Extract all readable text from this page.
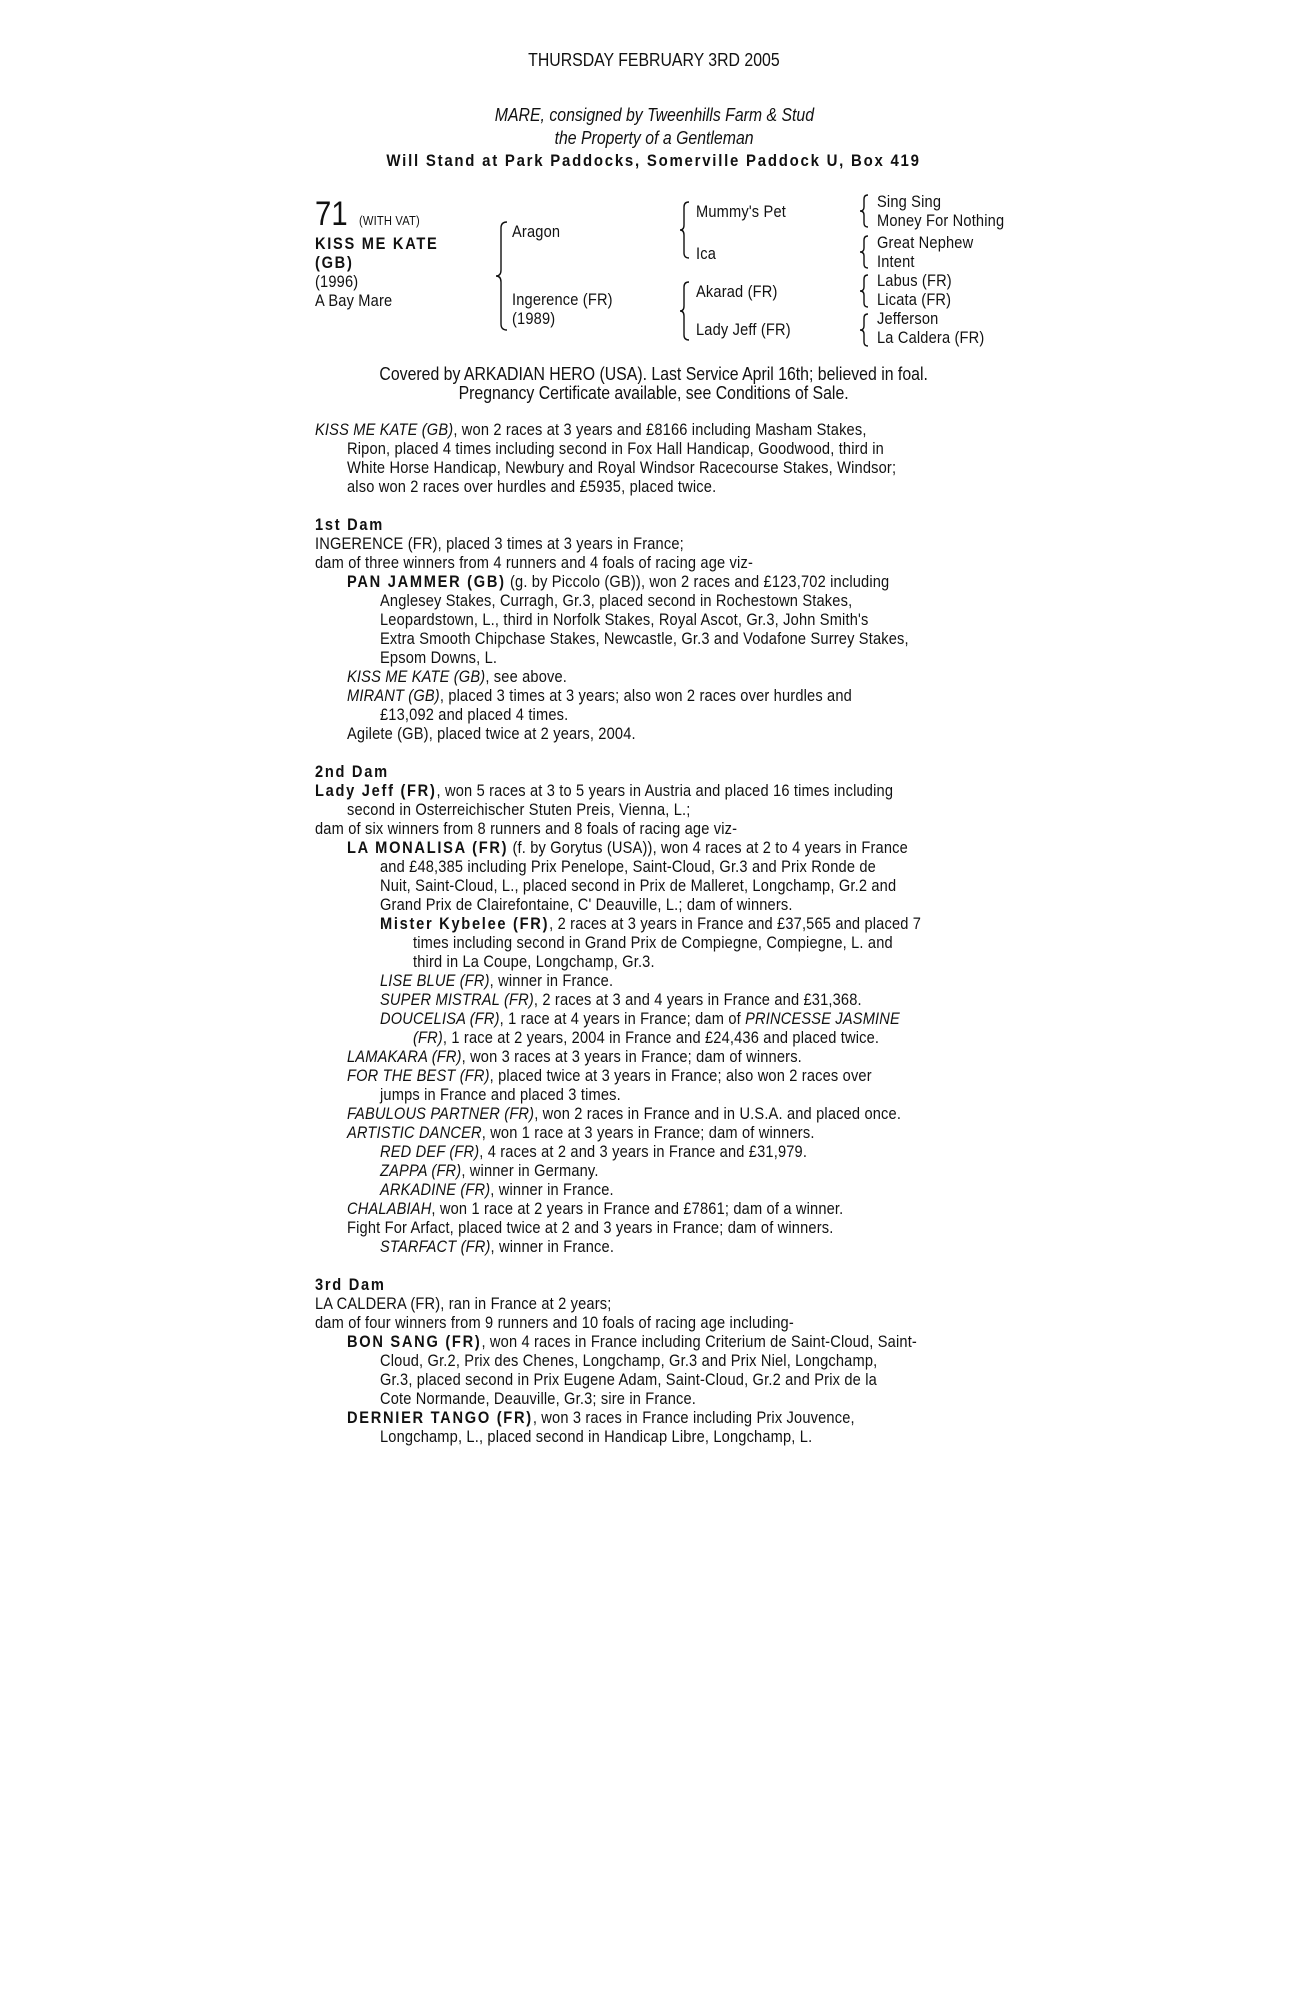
THURSDAY FEBRUARY 3RD 2005
MARE, consigned by Tweenhills Farm & Stud
the Property of a Gentleman
Will Stand at Park Paddocks, Somerville Paddock U, Box 419
71 (WITH VAT)
KISS ME KATE
(GB)
(1996)
A Bay Mare
Aragon
Ingerence (FR)
(1989)
Mummy's Pet
Ica
Akarad (FR)
Lady Jeff (FR)
Sing Sing
Money For Nothing
Great Nephew
Intent
Labus (FR)
Licata (FR)
Jefferson
La Caldera (FR)
Covered by ARKADIAN HERO (USA). Last Service April 16th; believed in foal.
Pregnancy Certificate available, see Conditions of Sale.
KISS ME KATE (GB), won 2 races at 3 years and £8166 including Masham Stakes,
Ripon, placed 4 times including second in Fox Hall Handicap, Goodwood, third in
White Horse Handicap, Newbury and Royal Windsor Racecourse Stakes, Windsor;
also won 2 races over hurdles and £5935, placed twice.
1st Dam
INGERENCE (FR), placed 3 times at 3 years in France;
dam of three winners from 4 runners and 4 foals of racing age viz-
PAN JAMMER (GB) (g. by Piccolo (GB)), won 2 races and £123,702 including
Anglesey Stakes, Curragh, Gr.3, placed second in Rochestown Stakes,
Leopardstown, L., third in Norfolk Stakes, Royal Ascot, Gr.3, John Smith's
Extra Smooth Chipchase Stakes, Newcastle, Gr.3 and Vodafone Surrey Stakes,
Epsom Downs, L.
KISS ME KATE (GB), see above.
MIRANT (GB), placed 3 times at 3 years; also won 2 races over hurdles and
£13,092 and placed 4 times.
Agilete (GB), placed twice at 2 years, 2004.
2nd Dam
Lady Jeff (FR), won 5 races at 3 to 5 years in Austria and placed 16 times including
second in Osterreichischer Stuten Preis, Vienna, L.;
dam of six winners from 8 runners and 8 foals of racing age viz-
LA MONALISA (FR) (f. by Gorytus (USA)), won 4 races at 2 to 4 years in France
and £48,385 including Prix Penelope, Saint-Cloud, Gr.3 and Prix Ronde de
Nuit, Saint-Cloud, L., placed second in Prix de Malleret, Longchamp, Gr.2 and
Grand Prix de Clairefontaine, C' Deauville, L.; dam of winners.
Mister Kybelee (FR), 2 races at 3 years in France and £37,565 and placed 7
times including second in Grand Prix de Compiegne, Compiegne, L. and
third in La Coupe, Longchamp, Gr.3.
LISE BLUE (FR), winner in France.
SUPER MISTRAL (FR), 2 races at 3 and 4 years in France and £31,368.
DOUCELISA (FR), 1 race at 4 years in France; dam of PRINCESSE JASMINE
(FR), 1 race at 2 years, 2004 in France and £24,436 and placed twice.
LAMAKARA (FR), won 3 races at 3 years in France; dam of winners.
FOR THE BEST (FR), placed twice at 3 years in France; also won 2 races over
jumps in France and placed 3 times.
FABULOUS PARTNER (FR), won 2 races in France and in U.S.A. and placed once.
ARTISTIC DANCER, won 1 race at 3 years in France; dam of winners.
RED DEF (FR), 4 races at 2 and 3 years in France and £31,979.
ZAPPA (FR), winner in Germany.
ARKADINE (FR), winner in France.
CHALABIAH, won 1 race at 2 years in France and £7861; dam of a winner.
Fight For Arfact, placed twice at 2 and 3 years in France; dam of winners.
STARFACT (FR), winner in France.
3rd Dam
LA CALDERA (FR), ran in France at 2 years;
dam of four winners from 9 runners and 10 foals of racing age including-
BON SANG (FR), won 4 races in France including Criterium de Saint-Cloud, Saint-
Cloud, Gr.2, Prix des Chenes, Longchamp, Gr.3 and Prix Niel, Longchamp,
Gr.3, placed second in Prix Eugene Adam, Saint-Cloud, Gr.2 and Prix de la
Cote Normande, Deauville, Gr.3; sire in France.
DERNIER TANGO (FR), won 3 races in France including Prix Jouvence,
Longchamp, L., placed second in Handicap Libre, Longchamp, L.
